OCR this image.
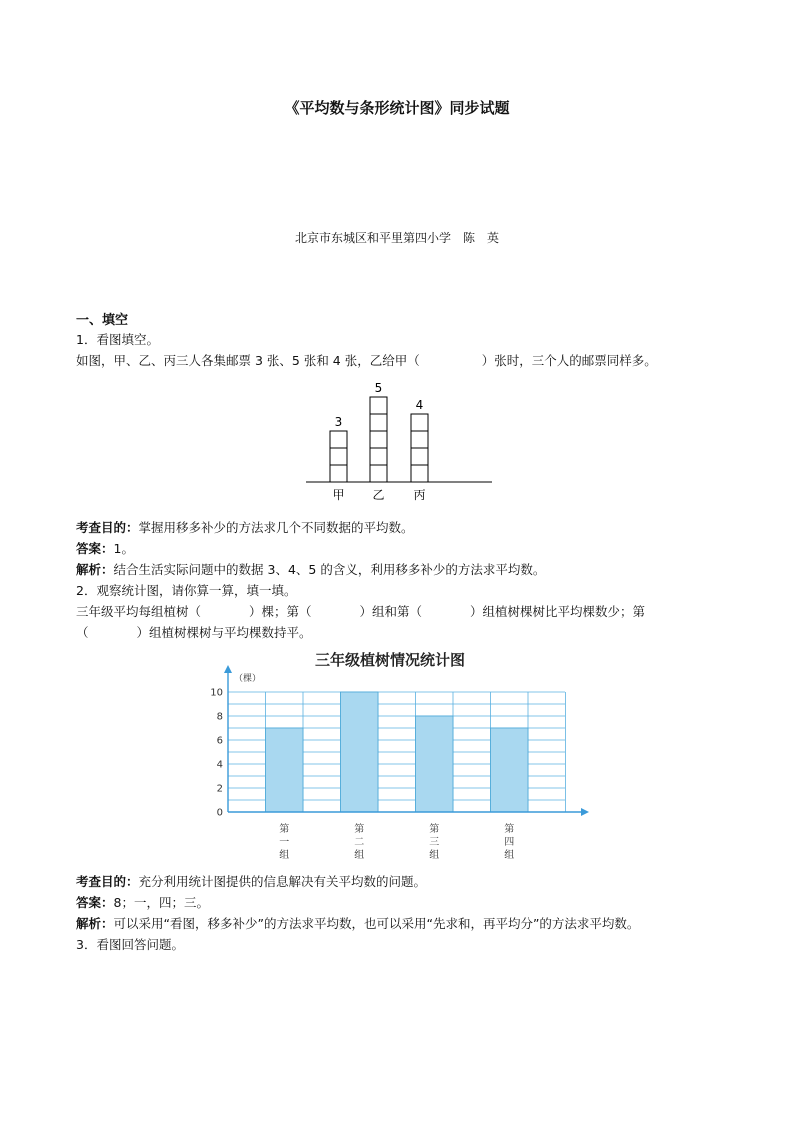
《平均数与条形统计图》同步试题
北京市东城区和平里第四小学　陈　英
一、填空
1．看图填空。
如图，甲、乙、丙三人各集邮票 3 张、5 张和 4 张，乙给甲（	）张时，三个人的邮票同样多。
3
甲
5
乙
4
丙
考查目的：掌握用移多补少的方法求几个不同数据的平均数。
答案：1。
解析：结合生活实际问题中的数据 3、4、5 的含义，利用移多补少的方法求平均数。
2．观察统计图，请你算一算，填一填。
三年级平均每组植树（	）棵；第（	）组和第（	）组植树棵树比平均棵数少；第
（	）组植树棵树与平均棵数持平。
三年级植树情况统计图
（棵）
第一组
第二组
第三组
第四组
0
2
4
6
8
10
考查目的：充分利用统计图提供的信息解决有关平均数的问题。
答案：8；一，四；三。
解析：可以采用“看图，移多补少”的方法求平均数，也可以采用“先求和，再平均分”的方法求平均数。
3．看图回答问题。
